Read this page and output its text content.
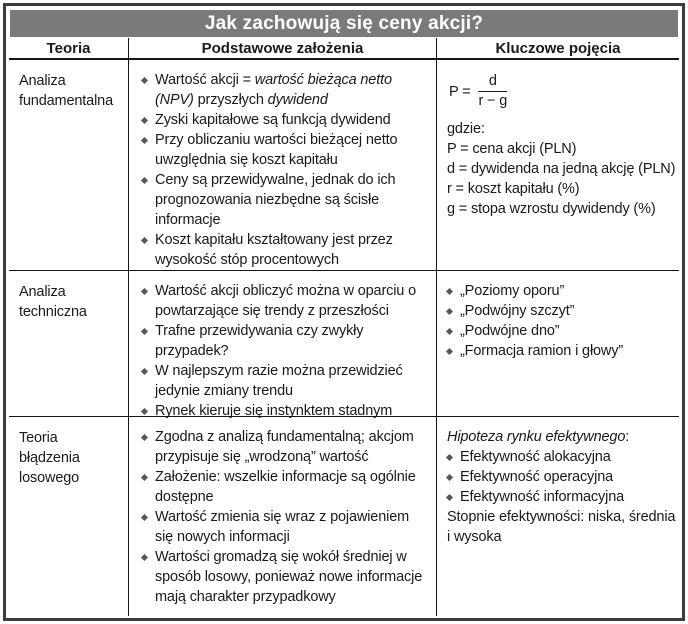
Jak zachowują się ceny akcji?
Teoria	Podstawowe założenia	Kluczowe pojęcia
Analiza fundamentalna
Wartość akcji = wartość bieżąca netto (NPV) przyszłych dywidend
Zyski kapitałowe są funkcją dywidend
Przy obliczaniu wartości bieżącej netto uwzględnia się koszt kapitału
Ceny są przewidywalne, jednak do ich prognozowania niezbędne są ścisłe informacje
Koszt kapitału kształtowany jest przez wysokość stóp procentowych
$P = \frac{d}{r - g}$
gdzie:
P = cena akcji (PLN)
d = dywidenda na jedną akcję (PLN)
r = koszt kapitału (%)
g = stopa wzrostu dywidendy (%)
Analiza techniczna
Wartość akcji obliczyć można w oparciu o powtarzające się trendy z przeszłości
Trafne przewidywania czy zwykły przypadek?
W najlepszym razie można przewidzieć jedynie zmiany trendu
Rynek kieruje się instynktem stadnym
„Poziomy oporu”
„Podwójny szczyt”
„Podwójne dno”
„Formacja ramion i głowy”
Teoria błądzenia losowego
Zgodna z analizą fundamentalną; akcjom przypisuje się „wrodzoną” wartość
Założenie: wszelkie informacje są ogólnie dostępne
Wartość zmienia się wraz z pojawieniem się nowych informacji
Wartości gromadzą się wokół średniej w sposób losowy, ponieważ nowe informacje mają charakter przypadkowy
Hipoteza rynku efektywnego:
Efektywność alokacyjna
Efektywność operacyjna
Efektywność informacyjna
Stopnie efektywności: niska, średnia i wysoka
